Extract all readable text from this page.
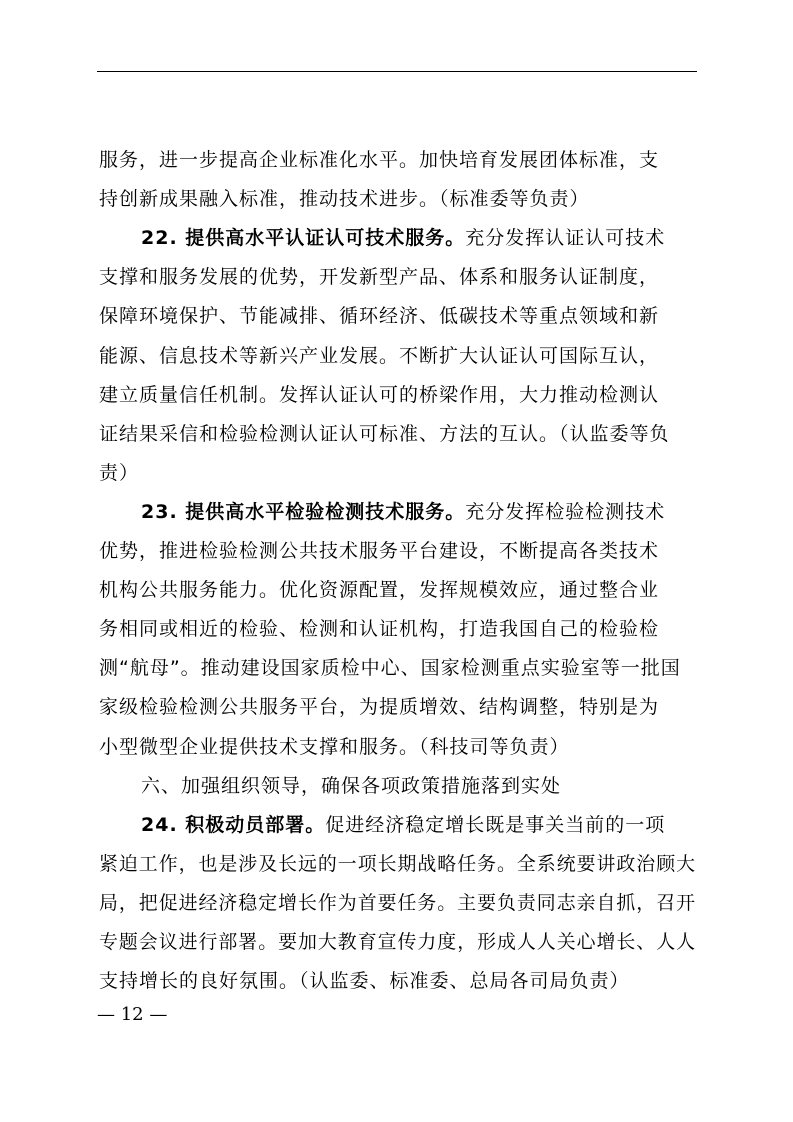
服务，进一步提高企业标准化水平。加快培育发展团体标准，支
持创新成果融入标准，推动技术进步。（标准委等负责）
22. 提供高水平认证认可技术服务。充分发挥认证认可技术
支撑和服务发展的优势，开发新型产品、体系和服务认证制度，
保障环境保护、节能减排、循环经济、低碳技术等重点领域和新
能源、信息技术等新兴产业发展。不断扩大认证认可国际互认，
建立质量信任机制。发挥认证认可的桥梁作用，大力推动检测认
证结果采信和检验检测认证认可标准、方法的互认。（认监委等负
责）
23. 提供高水平检验检测技术服务。充分发挥检验检测技术
优势，推进检验检测公共技术服务平台建设，不断提高各类技术
机构公共服务能力。优化资源配置，发挥规模效应，通过整合业
务相同或相近的检验、检测和认证机构，打造我国自己的检验检
测“航母”。推动建设国家质检中心、国家检测重点实验室等一批国
家级检验检测公共服务平台，为提质增效、结构调整，特别是为
小型微型企业提供技术支撑和服务。（科技司等负责）
六、加强组织领导，确保各项政策措施落到实处
24. 积极动员部署。促进经济稳定增长既是事关当前的一项
紧迫工作，也是涉及长远的一项长期战略任务。全系统要讲政治顾大
局，把促进经济稳定增长作为首要任务。主要负责同志亲自抓，召开
专题会议进行部署。要加大教育宣传力度，形成人人关心增长、人人
支持增长的良好氛围。（认监委、标准委、总局各司局负责）
— 12 —
